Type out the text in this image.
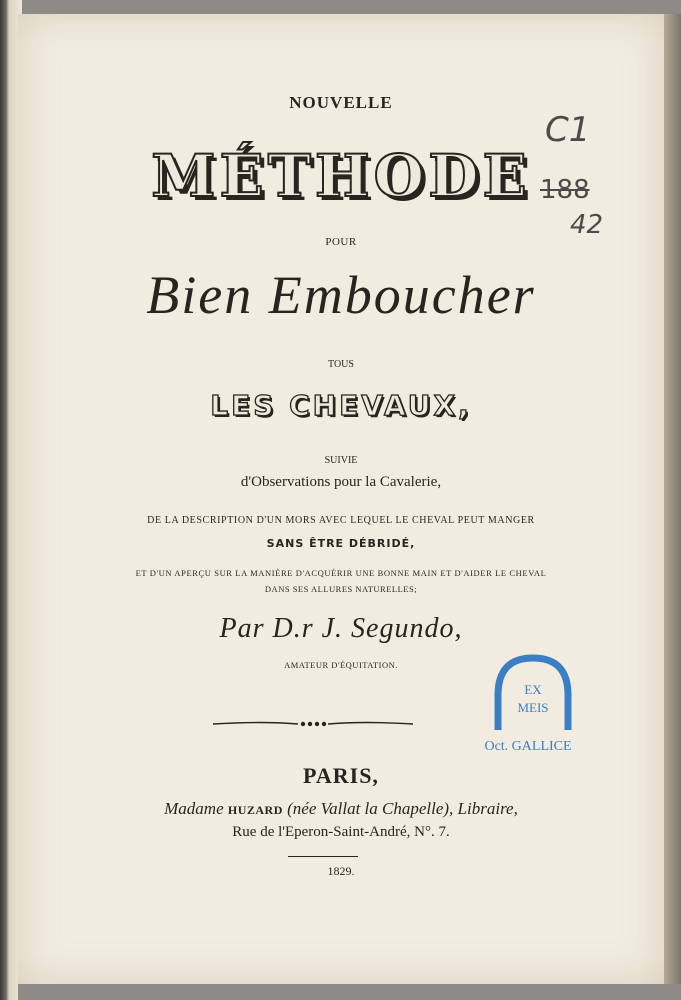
NOUVELLE
MÉTHODE
POUR
Bien Emboucher
TOUS
LES CHEVAUX,
SUIVIE
d'Observations pour la Cavalerie,
DE LA DESCRIPTION D'UN MORS AVEC LEQUEL LE CHEVAL PEUT MANGER
SANS ÊTRE DÉBRIDÉ,
ET D'UN APERÇU SUR LA MANIÈRE D'ACQUÉRIR UNE BONNE MAIN ET D'AIDER LE CHEVAL
DANS SES ALLURES NATURELLES;
Par D.r J. Segundo,
AMATEUR D'ÉQUITATION.
PARIS,
Madame HUZARD (née Vallat la Chapelle), Libraire,
Rue de l'Eperon-Saint-André, N°. 7.
1829.
C1
188
42
EX
MEIS
Oct. GALLICE
